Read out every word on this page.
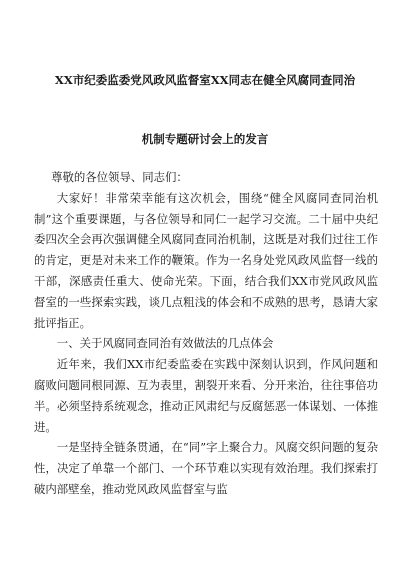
XX市纪委监委党风政风监督室XX同志在健全风腐同查同治
机制专题研讨会上的发言

尊敬的各位领导、同志们：

大家好！非常荣幸能有这次机会，围绕“健全风腐同查同治机制”这个重要课题，与各位领导和同仁一起学习交流。二十届中央纪委四次全会再次强调健全风腐同查同治机制，这既是对我们过往工作的肯定，更是对未来工作的鞭策。作为一名身处党风政风监督一线的干部，深感责任重大、使命光荣。下面，结合我们XX市党风政风监督室的一些探索实践，谈几点粗浅的体会和不成熟的思考，恳请大家批评指正。

一、关于风腐同查同治有效做法的几点体会

近年来，我们XX市纪委监委在实践中深刻认识到，作风问题和腐败问题同根同源、互为表里，割裂开来看、分开来治，往往事倍功半。必须坚持系统观念，推动正风肃纪与反腐惩恶一体谋划、一体推进。

一是坚持全链条贯通，在“同”字上聚合力。风腐交织问题的复杂性，决定了单靠一个部门、一个环节难以实现有效治理。我们探索打破内部壁垒，推动党风政风监督室与监
